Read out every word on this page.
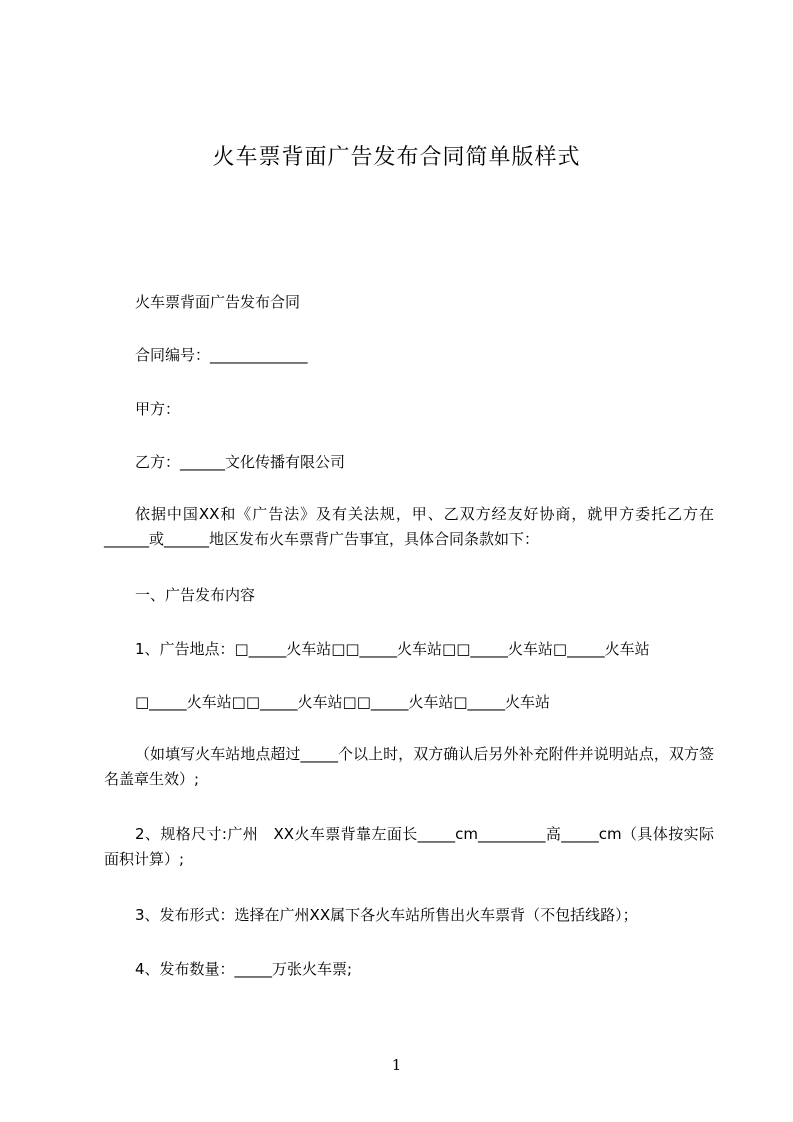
火车票背面广告发布合同简单版样式
火车票背面广告发布合同
合同编号：_____________
甲方：
乙方：______文化传播有限公司
依据中国XX和《广告法》及有关法规，甲、乙双方经友好协商，就甲方委托乙方在______或______地区发布火车票背广告事宜，具体合同条款如下：
一、广告发布内容
1、广告地点：□_____火车站□□_____火车站□□_____火车站□_____火车站
□_____火车站□□_____火车站□□_____火车站□_____火车站
（如填写火车站地点超过_____个以上时，双方确认后另外补充附件并说明站点，双方签名盖章生效）;
2、规格尺寸:广州　XX火车票背靠左面长_____cm_________高_____cm（具体按实际面积计算）;
3、发布形式：选择在广州XX属下各火车站所售出火车票背（不包括线路）；
4、发布数量：_____万张火车票;
1
